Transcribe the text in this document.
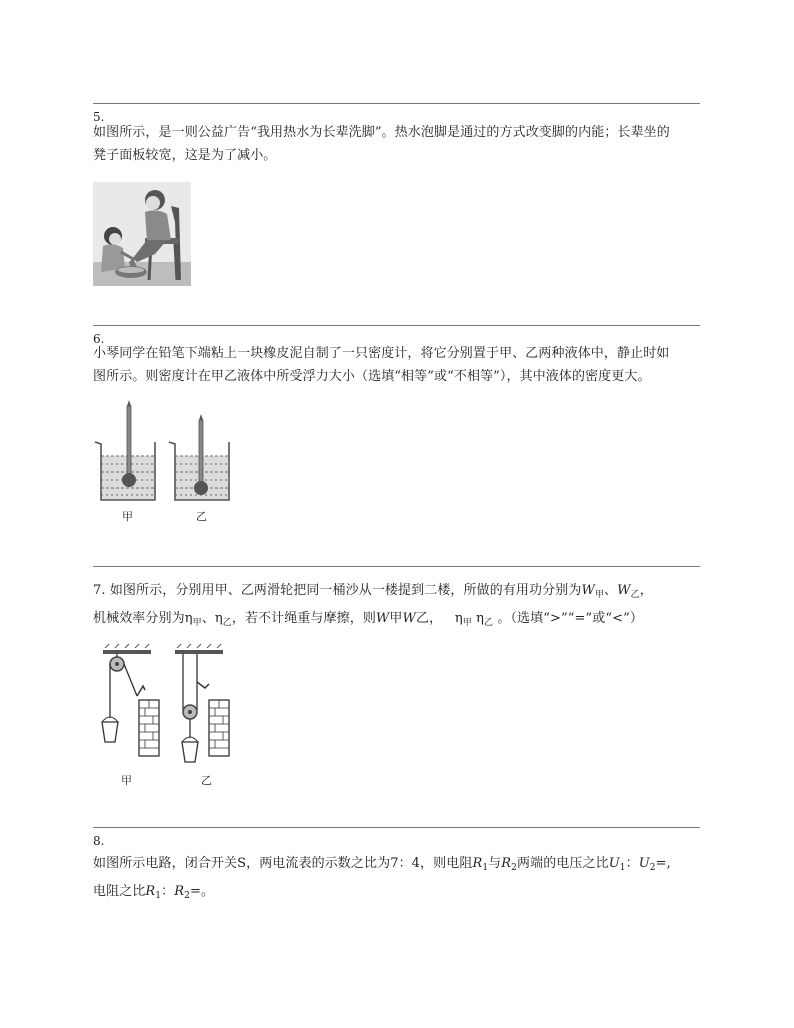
5.
如图所示，是一则公益广告“我用热水为长辈洗脚”。热水泡脚是通过的方式改变脚的内能；长辈坐的
凳子面板较宽，这是为了减小。
6.
小琴同学在铅笔下端粘上一块橡皮泥自制了一只密度计，将它分别置于甲、乙两种液体中，静止时如
图所示。则密度计在甲乙液体中所受浮力大小（选填“相等”或“不相等”），其中液体的密度更大。
甲	乙
7. 如图所示，分别用甲、乙两滑轮把同一桶沙从一楼提到二楼，所做的有用功分别为$W_甲$、$W_乙$，
机械效率分别为$\eta_甲$、$\eta_乙$，若不计绳重与摩擦，则W甲W乙， $\eta_甲$ $\eta_乙$ 。（选填“>”“=”或“<”）
甲	乙
8.
如图所示电路，闭合开关S，两电流表的示数之比为7：4，则电阻$R_1$与$R_2$两端的电压之比$U_1$：$U_2=$,
电阻之比$R_1$：$R_2=$。
